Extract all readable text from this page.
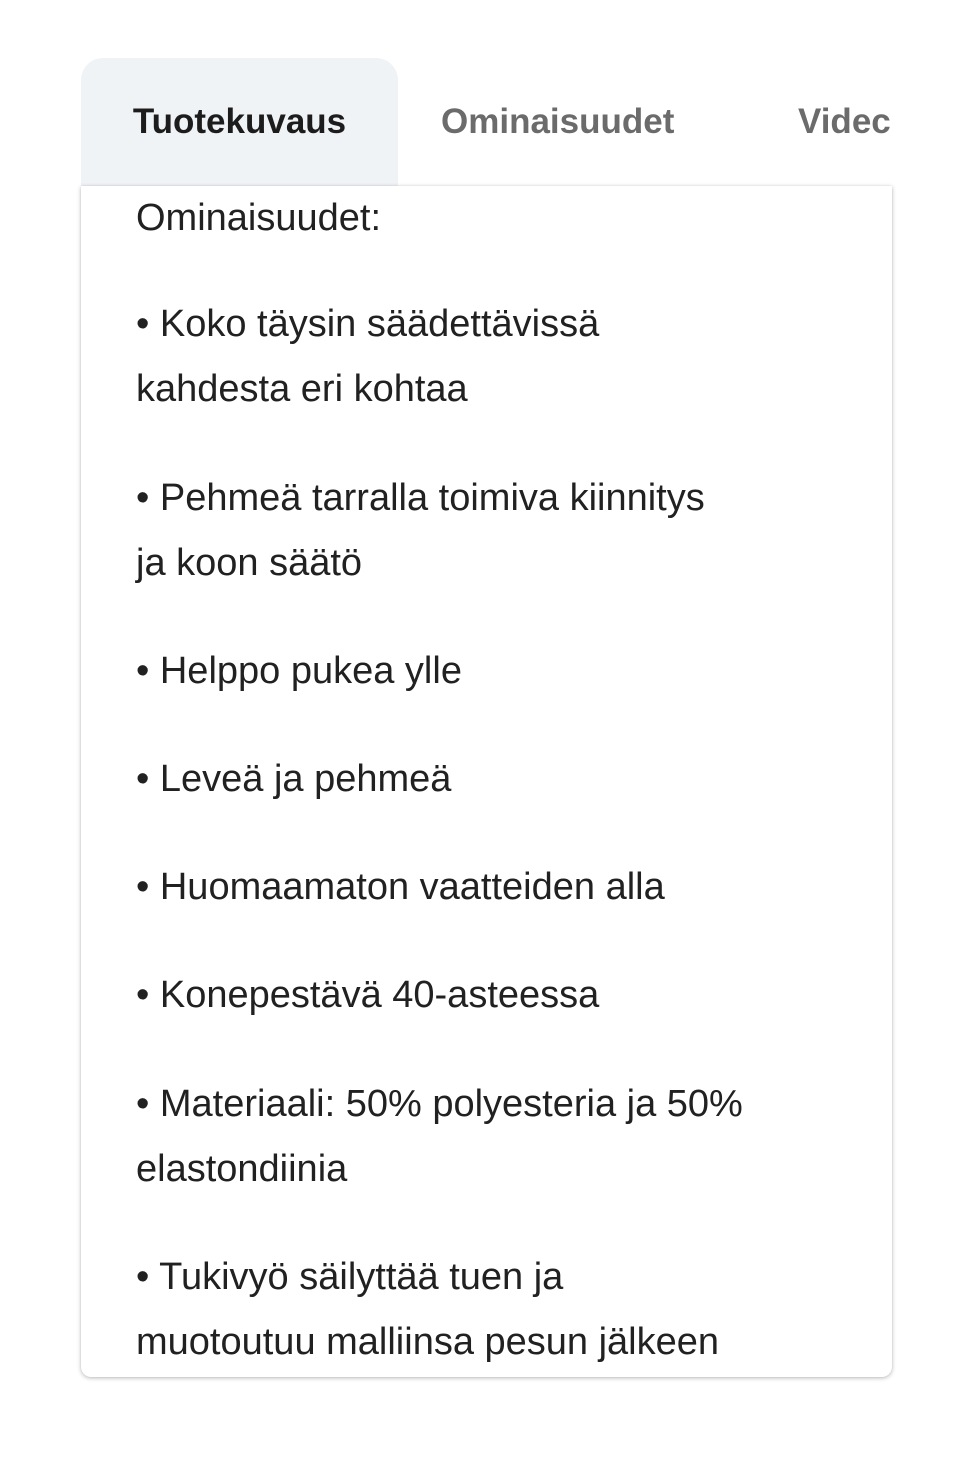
Tuotekuvaus	Ominaisuudet	Videc
Ominaisuudet:
• Koko täysin säädettävissä
kahdesta eri kohtaa
• Pehmeä tarralla toimiva kiinnitys
ja koon säätö
• Helppo pukea ylle
• Leveä ja pehmeä
• Huomaamaton vaatteiden alla
• Konepestävä 40-asteessa
• Materiaali: 50% polyesteria ja 50%
elastondiinia
• Tukivyö säilyttää tuen ja
muotoutuu malliinsa pesun jälkeen
